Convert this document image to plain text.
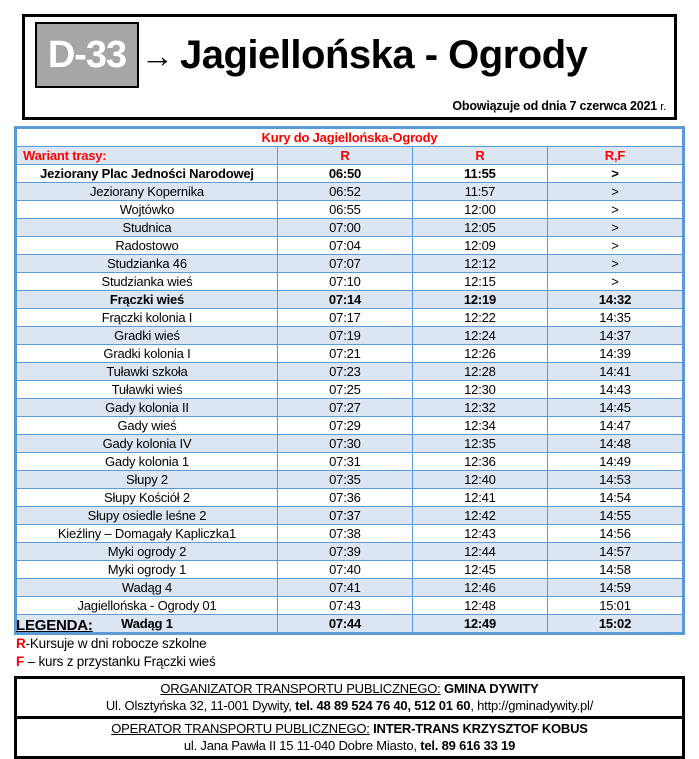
D-33 → Jagiellońska - Ogrody
Obowiązuje od dnia 7 czerwca 2021 r.
Kury do Jagiellońska-Ogrody			
Wariant trasy:	R	R	R,F
Jeziorany Plac Jedności Narodowej	06:50	11:55	>
Jeziorany Kopernika	06:52	11:57	>
Wojtówko	06:55	12:00	>
Studnica	07:00	12:05	>
Radostowo	07:04	12:09	>
Studzianka 46	07:07	12:12	>
Studzianka wieś	07:10	12:15	>
Frączki wieś	07:14	12:19	14:32
Frączki kolonia I	07:17	12:22	14:35
Gradki wieś	07:19	12:24	14:37
Gradki kolonia I	07:21	12:26	14:39
Tuławki szkoła	07:23	12:28	14:41
Tuławki wieś	07:25	12:30	14:43
Gady kolonia II	07:27	12:32	14:45
Gady wieś	07:29	12:34	14:47
Gady kolonia IV	07:30	12:35	14:48
Gady kolonia 1	07:31	12:36	14:49
Słupy 2	07:35	12:40	14:53
Słupy Kościół 2	07:36	12:41	14:54
Słupy osiedle leśne 2	07:37	12:42	14:55
Kieźliny – Domagały Kapliczka1	07:38	12:43	14:56
Myki ogrody 2	07:39	12:44	14:57
Myki ogrody 1	07:40	12:45	14:58
Wadąg 4	07:41	12:46	14:59
Jagiellońska - Ogrody 01	07:43	12:48	15:01
Wadąg 1	07:44	12:49	15:02
LEGENDA:
R-Kursuje w dni robocze szkolne
F – kurs z przystanku Frączki wieś
ORGANIZATOR TRANSPORTU PUBLICZNEGO: GMINA DYWITY
Ul. Olsztyńska 32, 11-001 Dywity, tel. 48 89 524 76 40, 512 01 60, http://gminadywity.pl/
OPERATOR TRANSPORTU PUBLICZNEGO: INTER-TRANS KRZYSZTOF KOBUS
ul. Jana Pawła II 15 11-040 Dobre Miasto, tel. 89 616 33 19
